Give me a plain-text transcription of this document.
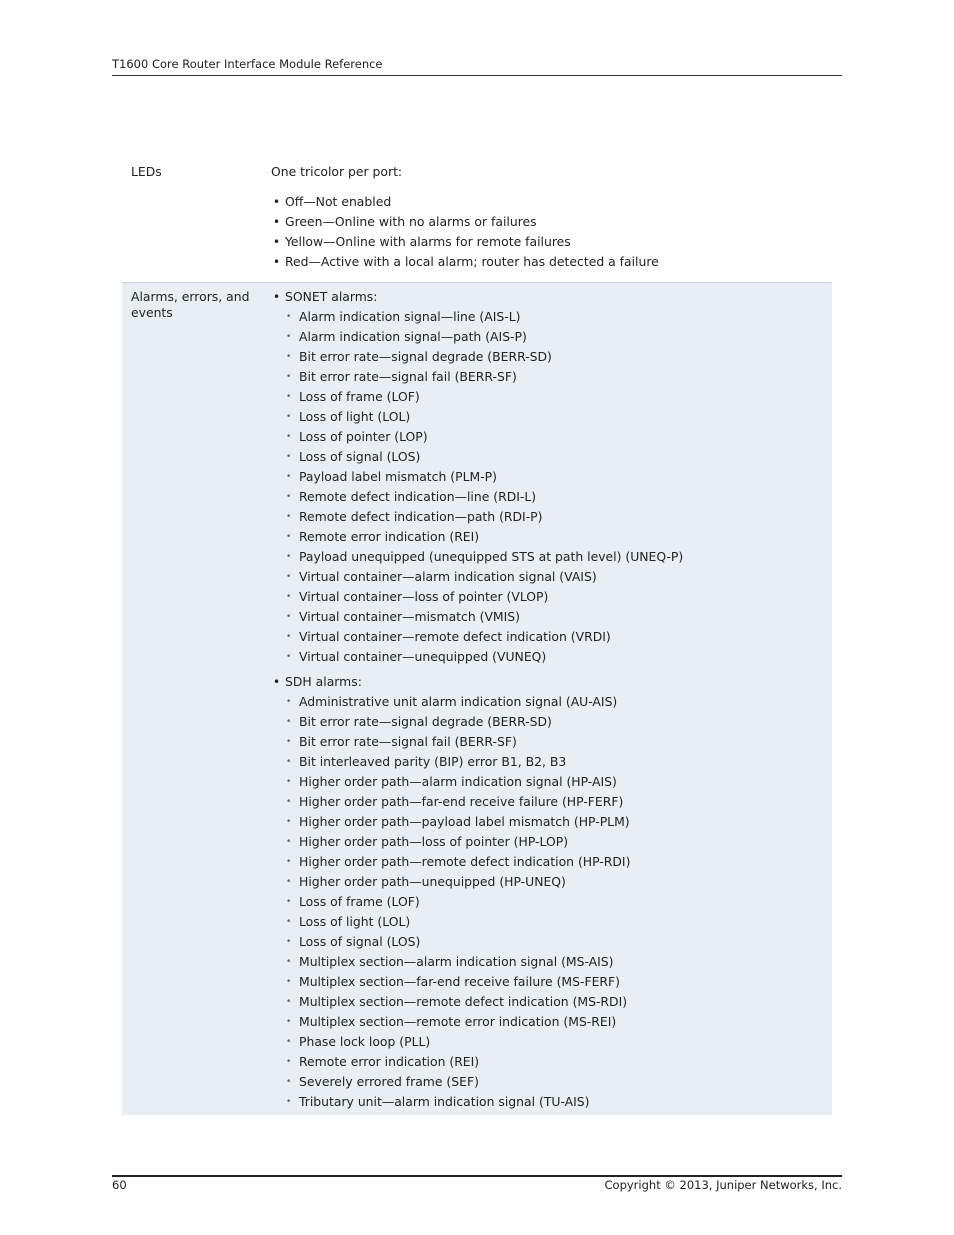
T1600 Core Router Interface Module Reference
LEDs	One tricolor per port:

• Off—Not enabled
• Green—Online with no alarms or failures
• Yellow—Online with alarms for remote failures
• Red—Active with a local alarm; router has detected a failure
Alarms, errors, and events
• SONET alarms:
• Alarm indication signal—line (AIS-L)
• Alarm indication signal—path (AIS-P)
• Bit error rate—signal degrade (BERR-SD)
• Bit error rate—signal fail (BERR-SF)
• Loss of frame (LOF)
• Loss of light (LOL)
• Loss of pointer (LOP)
• Loss of signal (LOS)
• Payload label mismatch (PLM-P)
• Remote defect indication—line (RDI-L)
• Remote defect indication—path (RDI-P)
• Remote error indication (REI)
• Payload unequipped (unequipped STS at path level) (UNEQ-P)
• Virtual container—alarm indication signal (VAIS)
• Virtual container—loss of pointer (VLOP)
• Virtual container—mismatch (VMIS)
• Virtual container—remote defect indication (VRDI)
• Virtual container—unequipped (VUNEQ)
• SDH alarms:
• Administrative unit alarm indication signal (AU-AIS)
• Bit error rate—signal degrade (BERR-SD)
• Bit error rate—signal fail (BERR-SF)
• Bit interleaved parity (BIP) error B1, B2, B3
• Higher order path—alarm indication signal (HP-AIS)
• Higher order path—far-end receive failure (HP-FERF)
• Higher order path—payload label mismatch (HP-PLM)
• Higher order path—loss of pointer (HP-LOP)
• Higher order path—remote defect indication (HP-RDI)
• Higher order path—unequipped (HP-UNEQ)
• Loss of frame (LOF)
• Loss of light (LOL)
• Loss of signal (LOS)
• Multiplex section—alarm indication signal (MS-AIS)
• Multiplex section—far-end receive failure (MS-FERF)
• Multiplex section—remote defect indication (MS-RDI)
• Multiplex section—remote error indication (MS-REI)
• Phase lock loop (PLL)
• Remote error indication (REI)
• Severely errored frame (SEF)
• Tributary unit—alarm indication signal (TU-AIS)
60	Copyright © 2013, Juniper Networks, Inc.
